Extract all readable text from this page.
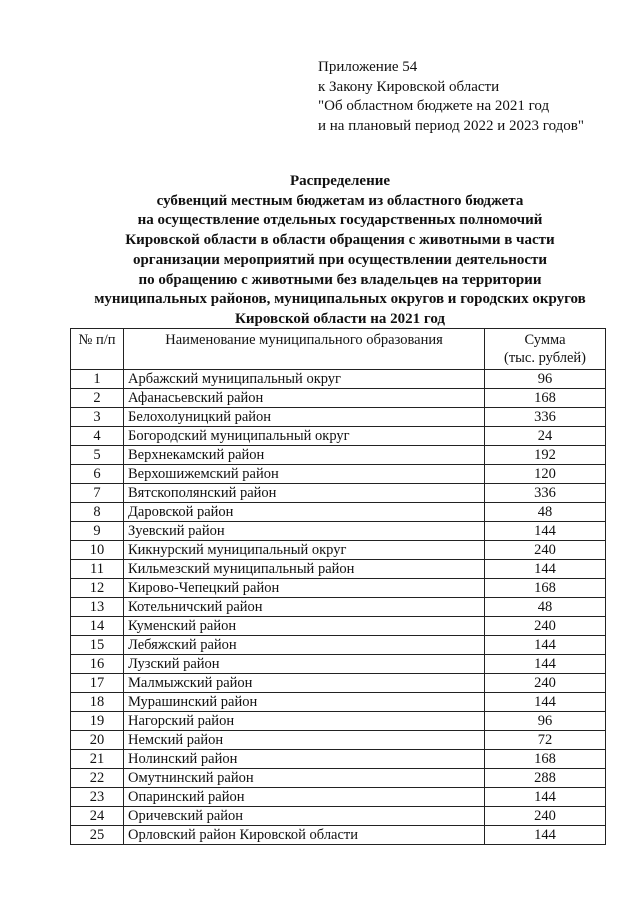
Приложение 54
к Закону Кировской области
"Об областном бюджете на 2021 год
и на плановый период 2022 и 2023 годов"
Распределение
субвенций местным бюджетам из областного бюджета
на осуществление отдельных государственных полномочий
Кировской области в области обращения с животными в части
организации мероприятий при осуществлении деятельности
по обращению с животными без владельцев на территории
муниципальных районов, муниципальных округов и городских округов
Кировской области на 2021 год
№ п/п	Наименование муниципального образования	Сумма
(тыс. рублей)

1	Арбажский муниципальный округ	96
2	Афанасьевский район	168
3	Белохолуницкий район	336
4	Богородский муниципальный округ	24
5	Верхнекамский район	192
6	Верхошижемский район	120
7	Вятскополянский район	336
8	Даровской район	48
9	Зуевский район	144
10	Кикнурский муниципальный округ	240
11	Кильмезский муниципальный район	144
12	Кирово-Чепецкий район	168
13	Котельничский район	48
14	Куменский район	240
15	Лебяжский район	144
16	Лузский район	144
17	Малмыжский район	240
18	Мурашинский район	144
19	Нагорский район	96
20	Немский район	72
21	Нолинский район	168
22	Омутнинский район	288
23	Опаринский район	144
24	Оричевский район	240
25	Орловский район Кировской области	144
